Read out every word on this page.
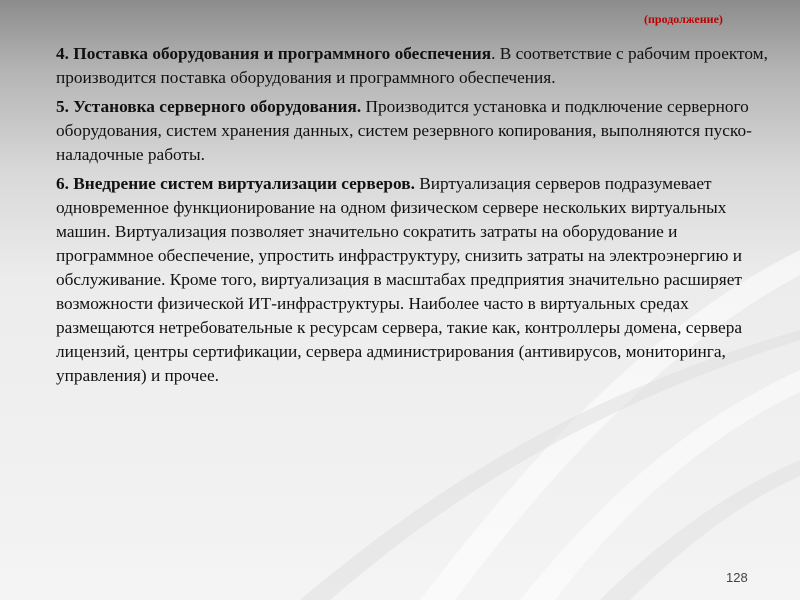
(продолжение)

4. Поставка оборудования и программного обеспечения. В соответствие с рабочим проектом, производится поставка оборудования и программного обеспечения.

5. Установка серверного оборудования. Производится установка и подключение серверного оборудования, систем хранения данных, систем резервного копирования, выполняются пуско-наладочные работы.

6. Внедрение систем виртуализации серверов. Виртуализация серверов подразумевает одновременное функционирование на одном физическом сервере нескольких виртуальных машин. Виртуализация позволяет значительно сократить затраты на оборудование и программное обеспечение, упростить инфраструктуру, снизить затраты на электроэнергию и обслуживание. Кроме того, виртуализация в масштабах предприятия значительно расширяет возможности физической ИТ-инфраструктуры. Наиболее часто в виртуальных средах размещаются нетребовательные к ресурсам сервера, такие как, контроллеры домена, сервера лицензий, центры сертификации, сервера администрирования (антивирусов, мониторинга, управления) и прочее.

128
